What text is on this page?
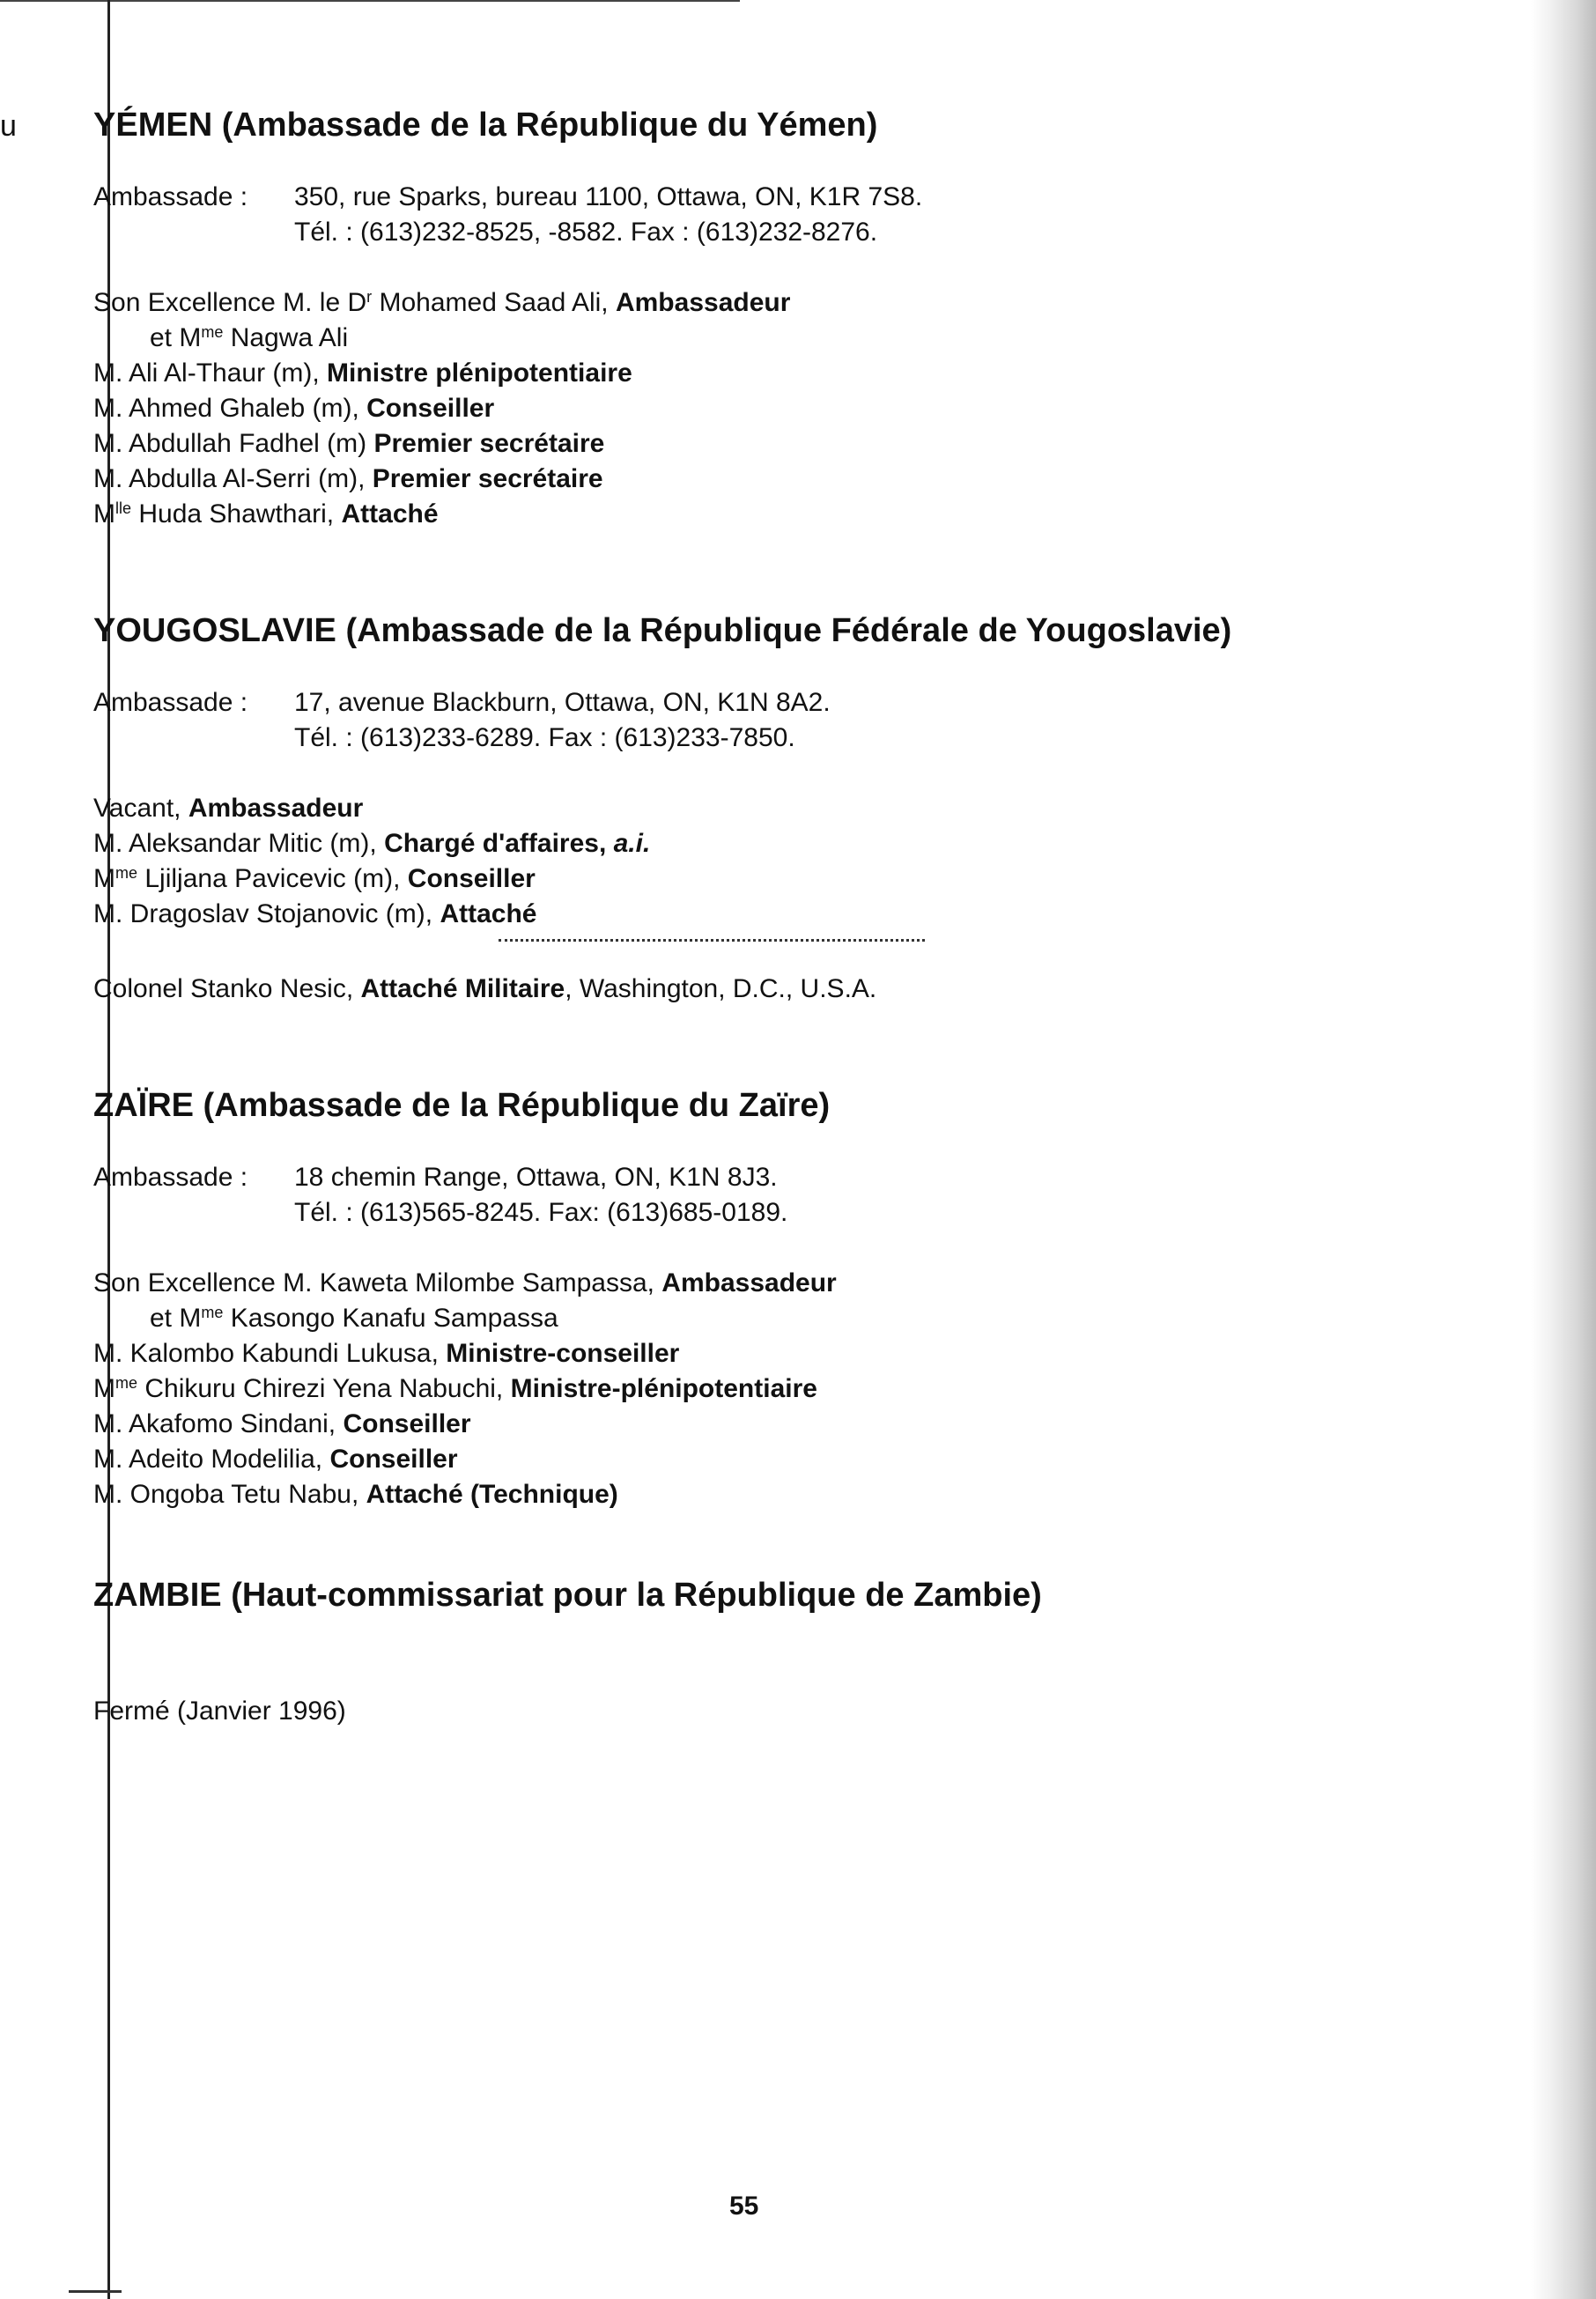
u YÉMEN (Ambassade de la République du Yémen)
Ambassade :	350, rue Sparks, bureau 1100, Ottawa, ON, K1R 7S8.
Tél. : (613)232-8525, -8582. Fax : (613)232-8276.
Son Excellence M. le $D^r$ Mohamed Saad Ali, Ambassadeur
et $M^{me}$ Nagwa Ali
M. Ali Al-Thaur (m), Ministre plénipotentiaire
M. Ahmed Ghaleb (m), Conseiller
M. Abdullah Fadhel (m) Premier secrétaire
M. Abdulla Al-Serri (m), Premier secrétaire
$M^{lle}$ Huda Shawthari, Attaché
YOUGOSLAVIE (Ambassade de la République Fédérale de Yougoslavie)
Ambassade :	17, avenue Blackburn, Ottawa, ON, K1N 8A2.
Tél. : (613)233-6289. Fax : (613)233-7850.
Vacant, Ambassadeur
M. Aleksandar Mitic (m), Chargé d'affaires, a.i.
$M^{me}$ Ljiljana Pavicevic (m), Conseiller
M. Dragoslav Stojanovic (m), Attaché
Colonel Stanko Nesic, Attaché Militaire, Washington, D.C., U.S.A.
ZAÏRE (Ambassade de la République du Zaïre)
Ambassade :	18 chemin Range, Ottawa, ON, K1N 8J3.
Tél. : (613)565-8245. Fax: (613)685-0189.
Son Excellence M. Kaweta Milombe Sampassa, Ambassadeur
et $M^{me}$ Kasongo Kanafu Sampassa
M. Kalombo Kabundi Lukusa, Ministre-conseiller
$M^{me}$ Chikuru Chirezi Yena Nabuchi, Ministre-plénipotentiaire
M. Akafomo Sindani, Conseiller
M. Adeito Modelilia, Conseiller
M. Ongoba Tetu Nabu, Attaché (Technique)
ZAMBIE (Haut-commissariat pour la République de Zambie)
Fermé (Janvier 1996)
55
